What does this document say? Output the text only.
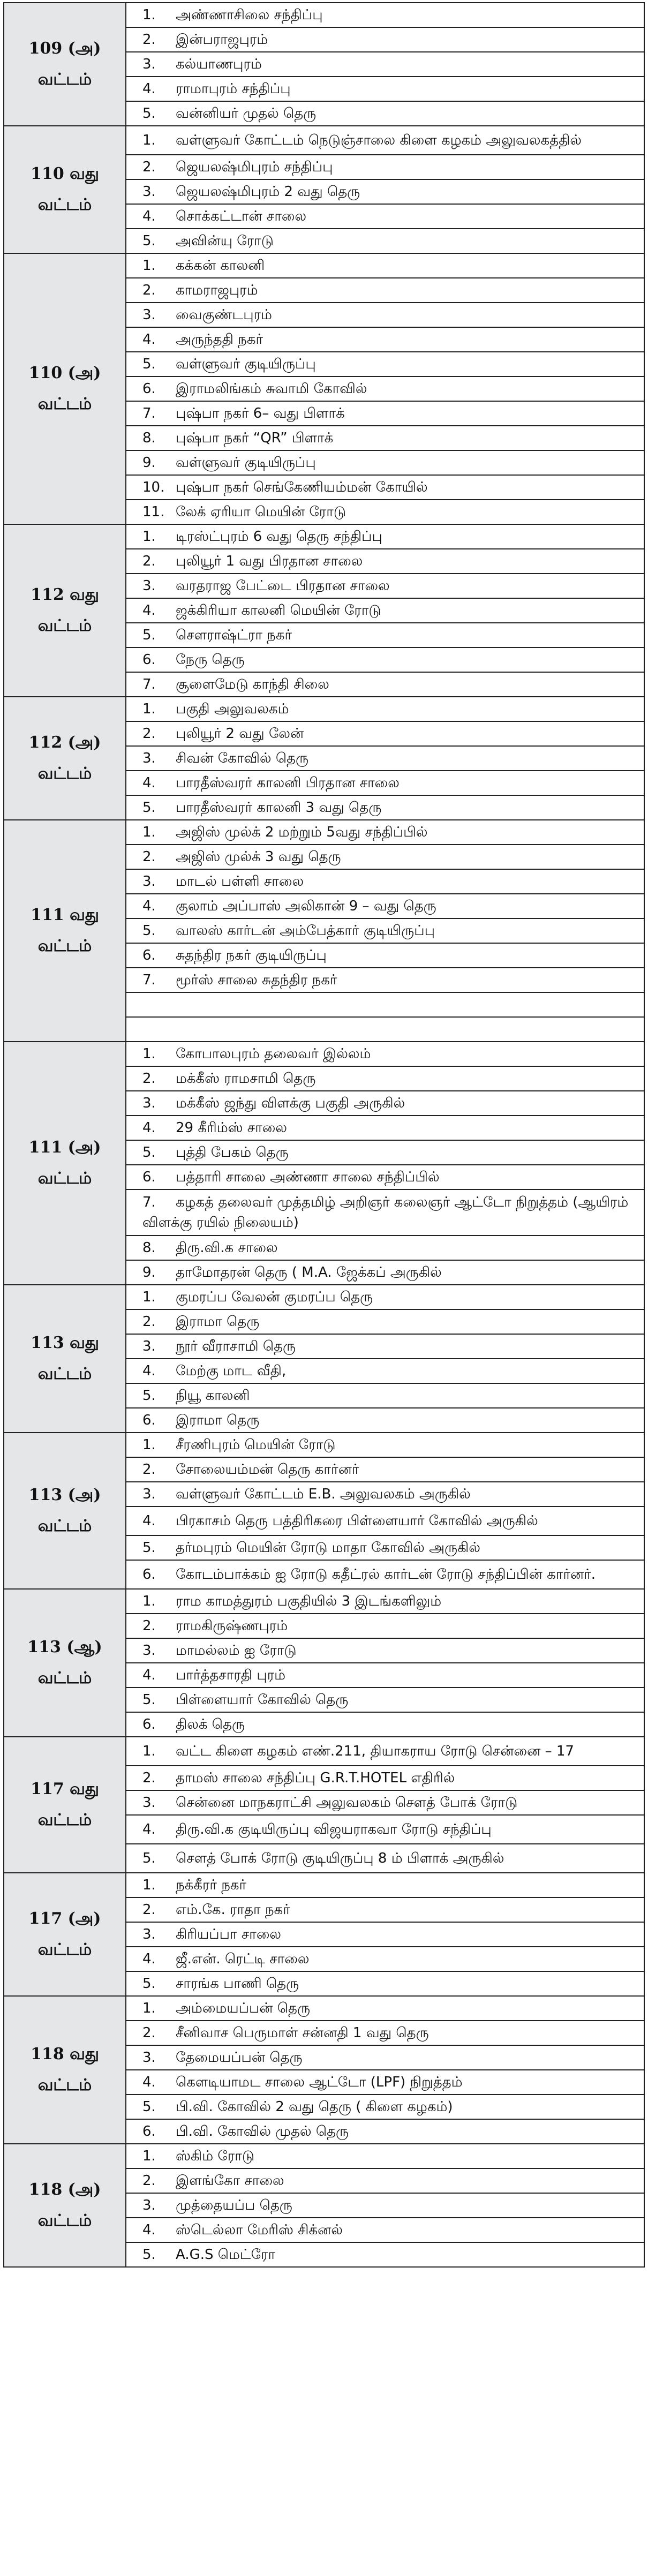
109 (அ)
வட்டம்	1. அண்ணாசிலை சந்திப்பு
	2. இன்பராஜபுரம்
	3. கல்யாணபுரம்
	4. ராமாபுரம் சந்திப்பு
	5. வன்னியர் முதல் தெரு

110 வது
வட்டம்	1. வள்ளுவர் கோட்டம் நெடுஞ்சாலை கிளை கழகம் அலுவலகத்தில்
	2. ஜெயலஷ்மிபுரம் சந்திப்பு
	3. ஜெயலஷ்மிபுரம் 2 வது தெரு
	4. சொக்கட்டான் சாலை
	5. அவின்யு ரோடு

110 (அ)
வட்டம்	1. கக்கன் காலனி
	2. காமராஜபுரம்
	3. வைகுண்டபுரம்
	4. அருந்ததி நகர்
	5. வள்ளுவர் குடியிருப்பு
	6. இராமலிங்கம் சுவாமி கோவில்
	7. புஷ்பா நகர் 6– வது பிளாக்
	8. புஷ்பா நகர் “QR” பிளாக்
	9. வள்ளுவர் குடியிருப்பு
	10. புஷ்பா நகர் செங்கேணியம்மன் கோயில்
	11. லேக் ஏரியா மெயின் ரோடு

112 வது
வட்டம்	1. டிரஸ்ட்புரம் 6 வது தெரு சந்திப்பு
	2. புலியூர் 1 வது பிரதான சாலை
	3. வரதராஜ பேட்டை பிரதான சாலை
	4. ஜக்கிரியா காலனி மெயின் ரோடு
	5. சௌராஷ்ட்ரா நகர்
	6. நேரு தெரு
	7. சூளைமேடு காந்தி சிலை

112 (அ)
வட்டம்	1. பகுதி அலுவலகம்
	2. புலியூர் 2 வது லேன்
	3. சிவன் கோவில் தெரு
	4. பாரதீஸ்வரர் காலனி பிரதான சாலை
	5. பாரதீஸ்வரர் காலனி 3 வது தெரு

111 வது
வட்டம்	1. அஜிஸ் முல்க் 2 மற்றும் 5வது சந்திப்பில்
	2. அஜிஸ் முல்க் 3 வது தெரு
	3. மாடல் பள்ளி சாலை
	4. குலாம் அப்பாஸ் அலிகான் 9 – வது தெரு
	5. வாலஸ் கார்டன் அம்பேத்கார் குடியிருப்பு
	6. சுதந்திர நகர் குடியிருப்பு
	7. மூர்ஸ் சாலை சுதந்திர நகர்

111 (அ)
வட்டம்	1. கோபாலபுரம் தலைவர் இல்லம்
	2. மக்கீஸ் ராமசாமி தெரு
	3. மக்கீஸ் ஜந்து விளக்கு பகுதி அருகில்
	4. 29 கீரிம்ஸ் சாலை
	5. புத்தி பேகம் தெரு
	6. பத்தாரி சாலை அண்ணா சாலை சந்திப்பில்
	7. கழகத் தலைவர் முத்தமிழ் அறிஞர் கலைஞர் ஆட்டோ நிறுத்தம் (ஆயிரம் விளக்கு ரயில் நிலையம்)
	8. திரு.வி.க சாலை
	9. தாமோதரன் தெரு ( M.A. ஜேக்கப் அருகில்

113 வது
வட்டம்	1. குமரப்ப வேலன் குமரப்ப தெரு
	2. இராமா தெரு
	3. நூர் வீராசாமி தெரு
	4. மேற்கு மாட வீதி,
	5. நியூ காலனி
	6. இராமா தெரு

113 (அ)
வட்டம்	1. சீரணிபுரம் மெயின் ரோடு
	2. சோலையம்மன் தெரு கார்னர்
	3. வள்ளுவர் கோட்டம் E.B. அலுவலகம் அருகில்
	4. பிரகாசம் தெரு பத்திரிகரை பிள்ளையார் கோவில் அருகில்
	5. தர்மபுரம் மெயின் ரோடு மாதா கோவில் அருகில்
	6. கோடம்பாக்கம் ஐ ரோடு கதீட்ரல் கார்டன் ரோடு சந்திப்பின் கார்னர்.

113 (ஆ)
வட்டம்	1. ராம காமத்துரம் பகுதியில் 3 இடங்களிலும்
	2. ராமகிருஷ்ணபுரம்
	3. மாமல்லம் ஐ ரோடு
	4. பார்த்தசாரதி புரம்
	5. பிள்ளையார் கோவில் தெரு
	6. திலக் தெரு

117 வது
வட்டம்	1. வட்ட கிளை கழகம் எண்.211, தியாகராய ரோடு சென்னை – 17
	2. தாமஸ் சாலை சந்திப்பு G.R.T.HOTEL எதிரில்
	3. சென்னை மாநகராட்சி அலுவலகம் சௌத் போக் ரோடு
	4. திரு.வி.க குடியிருப்பு விஜயராகவா ரோடு சந்திப்பு
	5. சௌத் போக் ரோடு குடியிருப்பு 8 ம் பிளாக் அருகில்

117 (அ)
வட்டம்	1. நக்கீரர் நகர்
	2. எம்.கே. ராதா நகர்
	3. கிரியப்பா சாலை
	4. ஜீ.என். ரெட்டி சாலை
	5. சாரங்க பாணி தெரு

118 வது
வட்டம்	1. அம்மையப்பன் தெரு
	2. சீனிவாச பெருமாள் சன்னதி 1 வது தெரு
	3. தேமையப்பன் தெரு
	4. கௌடியாமட சாலை ஆட்டோ (LPF) நிறுத்தம்
	5. பி.வி. கோவில் 2 வது தெரு ( கிளை கழகம்)
	6. பி.வி. கோவில் முதல் தெரு

118 (அ)
வட்டம்	1. ஸ்கிம் ரோடு
	2. இளங்கோ சாலை
	3. முத்தையப்ப தெரு
	4. ஸ்டெல்லா மேரிஸ் சிக்னல்
	5. A.G.S மெட்ரோ
